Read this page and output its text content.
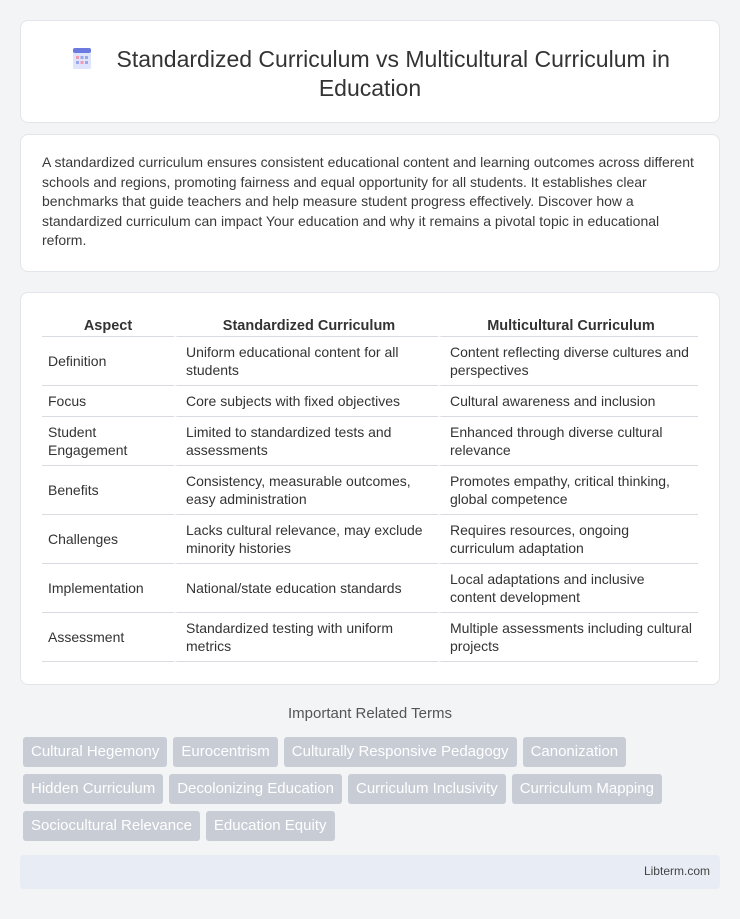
Standardized Curriculum vs Multicultural Curriculum in Education

A standardized curriculum ensures consistent educational content and learning outcomes across different schools and regions, promoting fairness and equal opportunity for all students. It establishes clear benchmarks that guide teachers and help measure student progress effectively. Discover how a standardized curriculum can impact Your education and why it remains a pivotal topic in educational reform.

Aspect	Standardized Curriculum	Multicultural Curriculum
Definition	Uniform educational content for all students	Content reflecting diverse cultures and perspectives
Focus	Core subjects with fixed objectives	Cultural awareness and inclusion
Student Engagement	Limited to standardized tests and assessments	Enhanced through diverse cultural relevance
Benefits	Consistency, measurable outcomes, easy administration	Promotes empathy, critical thinking, global competence
Challenges	Lacks cultural relevance, may exclude minority histories	Requires resources, ongoing curriculum adaptation
Implementation	National/state education standards	Local adaptations and inclusive content development
Assessment	Standardized testing with uniform metrics	Multiple assessments including cultural projects
Important Related Terms
Cultural Hegemony	Eurocentrism	Culturally Responsive Pedagogy	Canonization
Hidden Curriculum	Decolonizing Education	Curriculum Inclusivity	Curriculum Mapping
Sociocultural Relevance	Education Equity
Libterm.com
